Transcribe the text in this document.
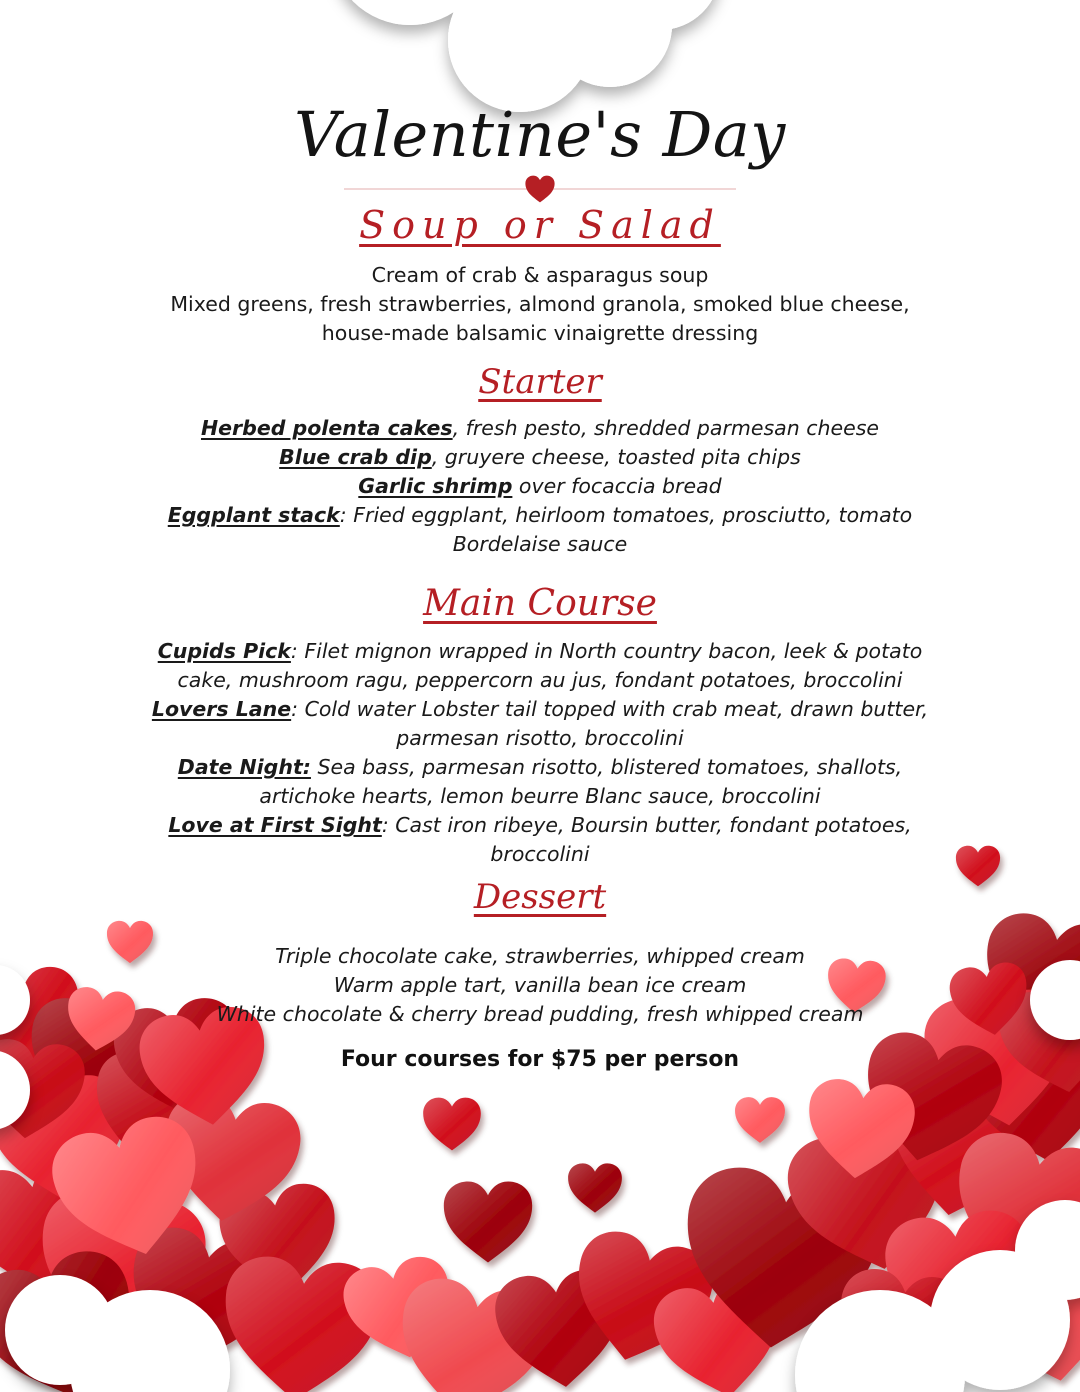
Valentine's Day
Soup or Salad

Cream of crab & asparagus soup

Mixed greens, fresh strawberries, almond granola, smoked blue cheese,

house-made balsamic vinaigrette dressing

Starter

Herbed polenta cakes, fresh pesto, shredded parmesan cheese

Blue crab dip, gruyere cheese, toasted pita chips

Garlic shrimp over focaccia bread

Eggplant stack: Fried eggplant, heirloom tomatoes, prosciutto, tomato Bordelaise sauce

Main Course

Cupids Pick: Filet mignon wrapped in North country bacon, leek & potato cake, mushroom ragu, peppercorn au jus, fondant potatoes, broccolini

Lovers Lane: Cold water Lobster tail topped with crab meat, drawn butter, parmesan risotto, broccolini

Date Night: Sea bass, parmesan risotto, blistered tomatoes, shallots, artichoke hearts, lemon beurre Blanc sauce, broccolini

Love at First Sight: Cast iron ribeye, Boursin butter, fondant potatoes, broccolini

Dessert

Triple chocolate cake, strawberries, whipped cream

Warm apple tart, vanilla bean ice cream

White chocolate & cherry bread pudding, fresh whipped cream

Four courses for $75 per person
